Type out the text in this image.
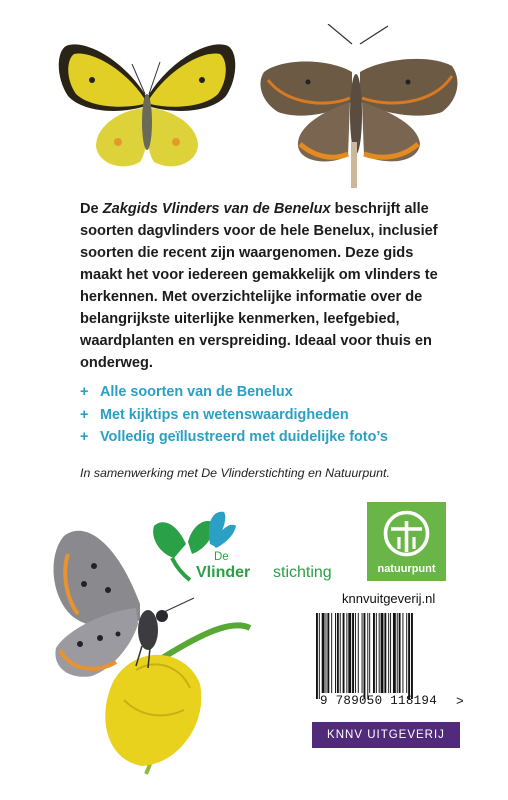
De Zakgids Vlinders van de Benelux beschrijft alle soorten dagvlinders voor de hele Benelux, inclusief soorten die recent zijn waargenomen. Deze gids maakt het voor iedereen gemakkelijk om vlinders te herkennen. Met overzichtelijke informatie over de belangrijkste uiterlijke kenmerken, leefgebied, waardplanten en verspreiding. Ideaal voor thuis en onderweg.

+ Alle soorten van de Benelux
+ Met kijktips en wetenswaardigheden
+ Volledig geïllustreerd met duidelijke foto’s
In samenwerking met De Vlinderstichting en Natuurpunt.
De
Vlinder stichting	natuurpunt
knnvuitgeverij.nl
9 789050 118194	>
KNNV UITGEVERIJ
